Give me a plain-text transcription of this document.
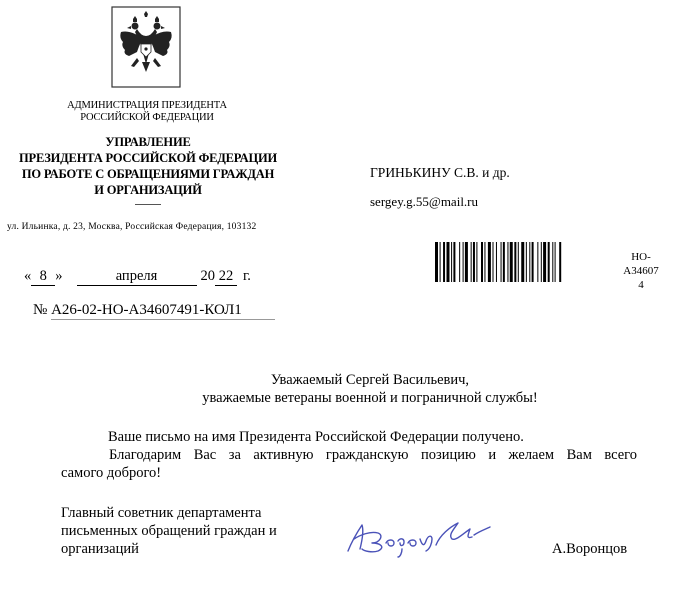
АДМИНИСТРАЦИЯ ПРЕЗИДЕНТА
РОССИЙСКОЙ ФЕДЕРАЦИИ
УПРАВЛЕНИЕ
ПРЕЗИДЕНТА РОССИЙСКОЙ ФЕДЕРАЦИИ
ПО РАБОТЕ С ОБРАЩЕНИЯМИ ГРАЖДАН
И ОРГАНИЗАЦИЙ
ул. Ильинка, д. 23, Москва, Российская Федерация, 103132
ГРИНЬКИНУ С.В. и др.
sergey.g.55@mail.ru
« 8 »	апреля	20 22 г.
№ А26-02-НО-А34607491-КОЛ1
НО-
А34607
4
Уважаемый Сергей Васильевич,
уважаемые ветераны военной и пограничной службы!
Ваше письмо на имя Президента Российской Федерации получено.
Благодарим Вас за активную гражданскую позицию и желаем Вам всего
самого доброго!
Главный советник департамента
письменных обращений граждан и
организаций	А.Воронцов
